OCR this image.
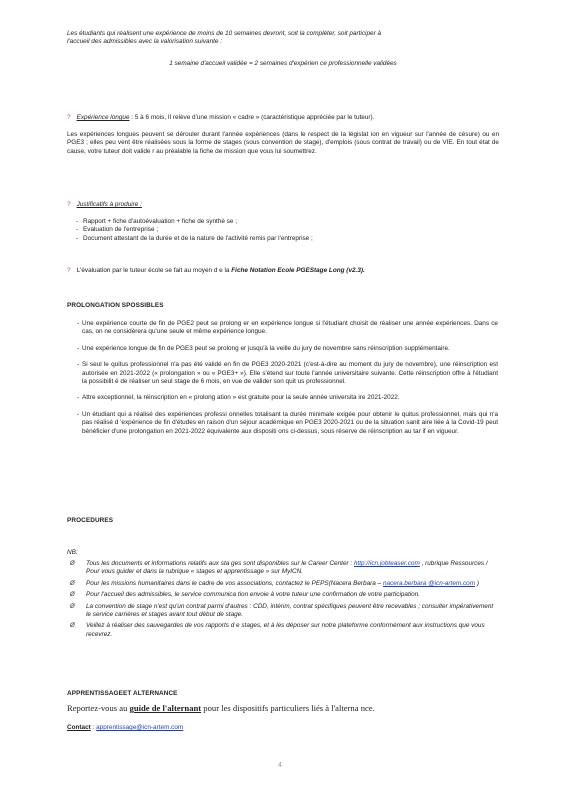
Les étudiants qui réalisent une expérience de moins de 10 semaines devront, soit la compléter, soit participer à
l'accueil des admissibles avec la valorisation suivante :
1 semaine d'accueil validée = 2 semaines d'expérien ce professionnelle validées
? Expérience longue : 5 à 6 mois, Il relève d'une mission « cadre » (caractéristique appréciée par le tuteur).
Les expériences longues peuvent se dérouler durant l'année expériences (dans le respect de la législat ion en vigueur sur l'année de césure) ou en PGE3 ; elles peu vent être réalisées sous la forme de stages (sous convention de stage), d'emplois (sous contrat de travail) ou de VIE. En tout état de cause, votre tuteur doit valide r au préalable la fiche de mission que vous lui soumettrez.
? Justificatifs à produire :
- Rapport + fiche d'autoévaluation + fiche de synthè se ;
- Evaluation de l'entreprise ;
- Document attestant de la durée et de la nature de l'activité remis par l'entreprise ;
? L'évaluation par le tuteur école se fait au moyen d e la Fiche Notation Ecole PGEStage Long (v2.3).
PROLONGATION SPOSSIBLES
- Une expérience courte de fin de PGE2 peut se prolong er en expérience longue si l'étudiant choisit de réaliser une année expériences. Dans ce cas, on ne considèrera qu'une seule et même expérience longue.
- Une expérience longue de fin de PGE3 peut se prolong er jusqu'à la veille du jury de novembre sans réinscription supplémentaire.
- Si seul le quitus professionnel n'a pas été validé en fin de PGE3 2020-2021 (c'est-à-dire au moment du jury de novembre), une réinscription est autorisée en 2021-2022 (« prolongation » ou « PGE3+ »). Elle s'étend sur toute l'année universitaire suivante. Cette réinscription offre à l'étudiant la possibilit é de réaliser un seul stage de 6 mois, en vue de valider son quit us professionnel.
- Attre exceptionnel, la réinscription en « prolong ation » est gratuite pour la seule année universita ire 2021-2022.
- Un étudiant qui a réalisé des expériences professi onnelles totalisant la durée minimale exigée pour obtenir le quitus professionnel, mais qui n'a pas réalisé d 'expérience de fin d'études en raison d'un séjour académique en PGE3 2020-2021 ou de la situation sanit aire liée à la Covid-19 peut bénéficier d'une prolongation en 2021-2022 équivalente aux dispositi ons ci-dessus, sous réserve de réinscription au tar if en vigueur.
PROCEDURES
NB:
Ø Tous les documents et informations relatifs aux sta ges sont disponibles sur le Career Center : http://icn.jobteaser.com , rubrique Ressources / Pour vous guider et dans la rubrique « stages et apprentissage » sur MyICN.
Ø Pour les missions humanitaires dans le cadre de vos associations, contactez le PEPS(Nacera Berbara – nacera.berbara @icn-artem.com )
Ø Pour l'accueil des admissibles, le service communica tion envoie à votre tuteur une confirmation de votre participation.
Ø La convention de stage n'est qu'un contrat parmi d'autres : CDD, intérim, contrat spécifiques peuvent être recevables ; consulter impérativement le service carrières et stages avant tout début de stage.
Ø Veillez à réaliser des sauvegardes de vos rapports d e stages, et à les déposer sur notre plateforme conformément aux instructions que vous recevrez.
APPRENTISSAGEET ALTERNANCE
Reportez-vous au guide de l'alternant pour les dispositifs particuliers liés à l'alterna nce.
Contact : apprentissage@icn-artem.com
4
